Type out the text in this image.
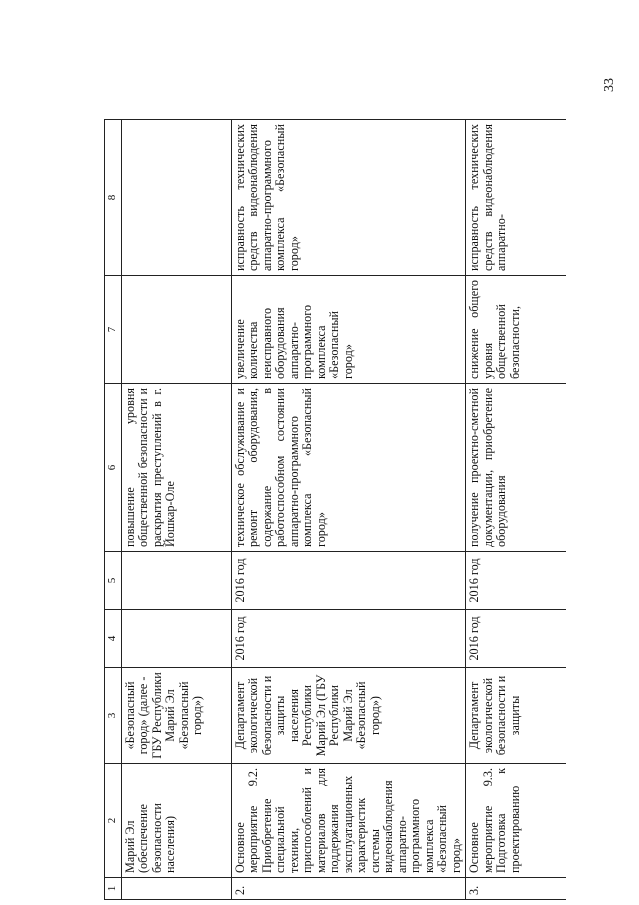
33
1	2	3	4	5	6	7	8
	Марий Эл (обеспечение безопасности населения)	«Безопасный город» (далее - ГБУ Республики Марий Эл «Безопасный город»)			повышение уровня общественной безопасности и раскрытия преступлений в г. Йошкар-Оле		
2.	Основное мероприятие 9.2. Приобретение специальной техники, приспособлений и материалов для поддержания эксплуатационных характеристик системы видеонаблюдения аппаратно-программного комплекса «Безопасный город»	Департамент экологической безопасности и защиты населения Республики Марий Эл (ГБУ Республики Марий Эл «Безопасный город»)	2016 год	2016 год	техническое обслуживание и ремонт оборудования, содержание в работоспособном состоянии аппаратно-программного комплекса «Безопасный город»	увеличение количества неисправного оборудования аппаратно-программного комплекса «Безопасный город»	исправность технических средств видеонаблюдения аппаратно-программного комплекса «Безопасный город»
3.	Основное мероприятие 9.3. Подготовка к проектированию	Департамент экологической безопасности и защиты	2016 год	2016 год	получение проектно-сметной документации, приобретение оборудования	снижение общего уровня общественной безопасности,	исправность технических средств видеонаблюдения аппаратно-
